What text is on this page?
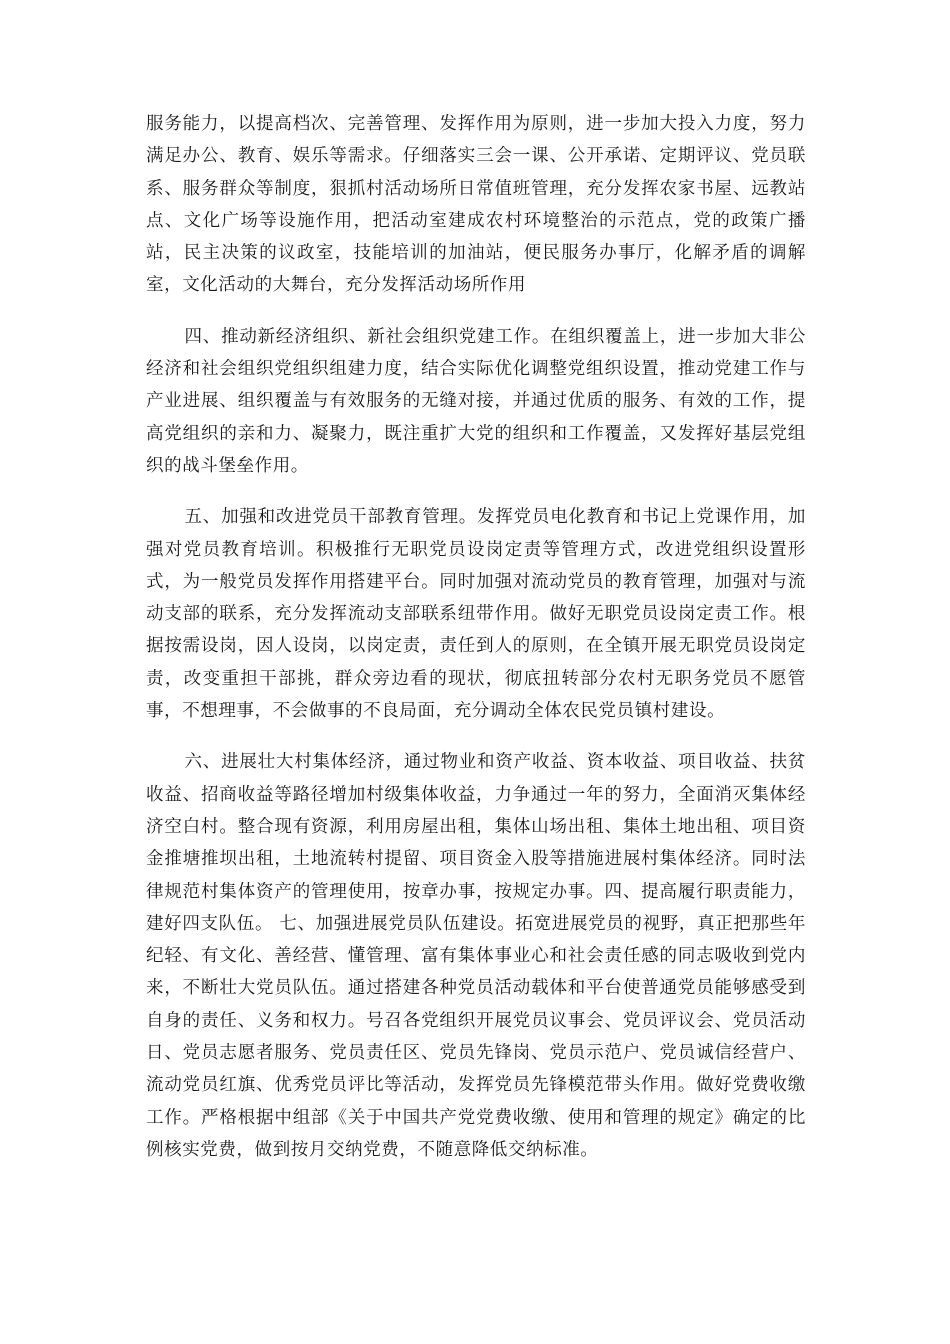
服务能力，以提高档次、完善管理、发挥作用为原则，进一步加大投入力度，努力满足办公、教育、娱乐等需求。仔细落实三会一课、公开承诺、定期评议、党员联系、服务群众等制度，狠抓村活动场所日常值班管理，充分发挥农家书屋、远教站点、文化广场等设施作用，把活动室建成农村环境整治的示范点，党的政策广播站，民主决策的议政室，技能培训的加油站，便民服务办事厅，化解矛盾的调解室，文化活动的大舞台，充分发挥活动场所作用

四、推动新经济组织、新社会组织党建工作。在组织覆盖上，进一步加大非公经济和社会组织党组织组建力度，结合实际优化调整党组织设置，推动党建工作与产业进展、组织覆盖与有效服务的无缝对接，并通过优质的服务、有效的工作，提高党组织的亲和力、凝聚力，既注重扩大党的组织和工作覆盖，又发挥好基层党组织的战斗堡垒作用。

五、加强和改进党员干部教育管理。发挥党员电化教育和书记上党课作用，加强对党员教育培训。积极推行无职党员设岗定责等管理方式，改进党组织设置形式，为一般党员发挥作用搭建平台。同时加强对流动党员的教育管理，加强对与流动支部的联系，充分发挥流动支部联系纽带作用。做好无职党员设岗定责工作。根据按需设岗，因人设岗，以岗定责，责任到人的原则，在全镇开展无职党员设岗定责，改变重担干部挑，群众旁边看的现状，彻底扭转部分农村无职务党员不愿管事，不想理事，不会做事的不良局面，充分调动全体农民党员镇村建设。

六、进展壮大村集体经济，通过物业和资产收益、资本收益、项目收益、扶贫收益、招商收益等路径增加村级集体收益，力争通过一年的努力，全面消灭集体经济空白村。整合现有资源，利用房屋出租，集体山场出租、集体土地出租、项目资金推塘推坝出租，土地流转村提留、项目资金入股等措施进展村集体经济。同时法律规范村集体资产的管理使用，按章办事，按规定办事。四、提高履行职责能力，建好四支队伍。 七、加强进展党员队伍建设。拓宽进展党员的视野，真正把那些年纪轻、有文化、善经营、懂管理、富有集体事业心和社会责任感的同志吸收到党内来，不断壮大党员队伍。通过搭建各种党员活动载体和平台使普通党员能够感受到自身的责任、义务和权力。号召各党组织开展党员议事会、党员评议会、党员活动日、党员志愿者服务、党员责任区、党员先锋岗、党员示范户、党员诚信经营户、流动党员红旗、优秀党员评比等活动，发挥党员先锋模范带头作用。做好党费收缴工作。严格根据中组部《关于中国共产党党费收缴、使用和管理的规定》确定的比例核实党费，做到按月交纳党费，不随意降低交纳标准。
